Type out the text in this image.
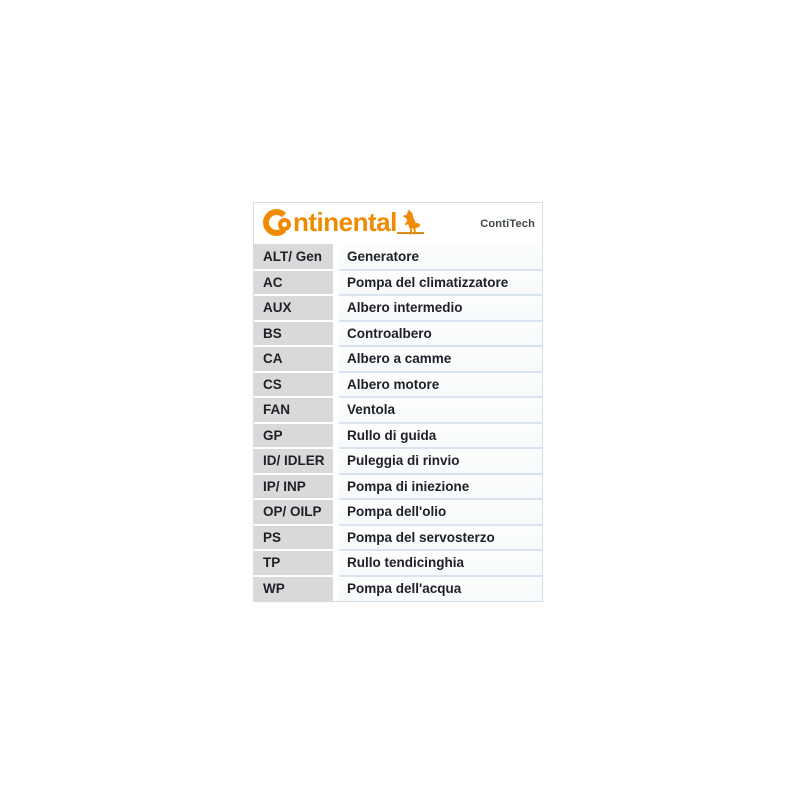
ntinental	ContiTech
ALT/ Gen		Generatore
AC		Pompa del climatizzatore
AUX		Albero intermedio
BS		Controalbero
CA		Albero a camme
CS		Albero motore
FAN		Ventola
GP		Rullo di guida
ID/ IDLER		Puleggia di rinvio
IP/ INP		Pompa di iniezione
OP/ OILP		Pompa dell'olio
PS		Pompa del servosterzo
TP		Rullo tendicinghia
WP		Pompa dell'acqua
